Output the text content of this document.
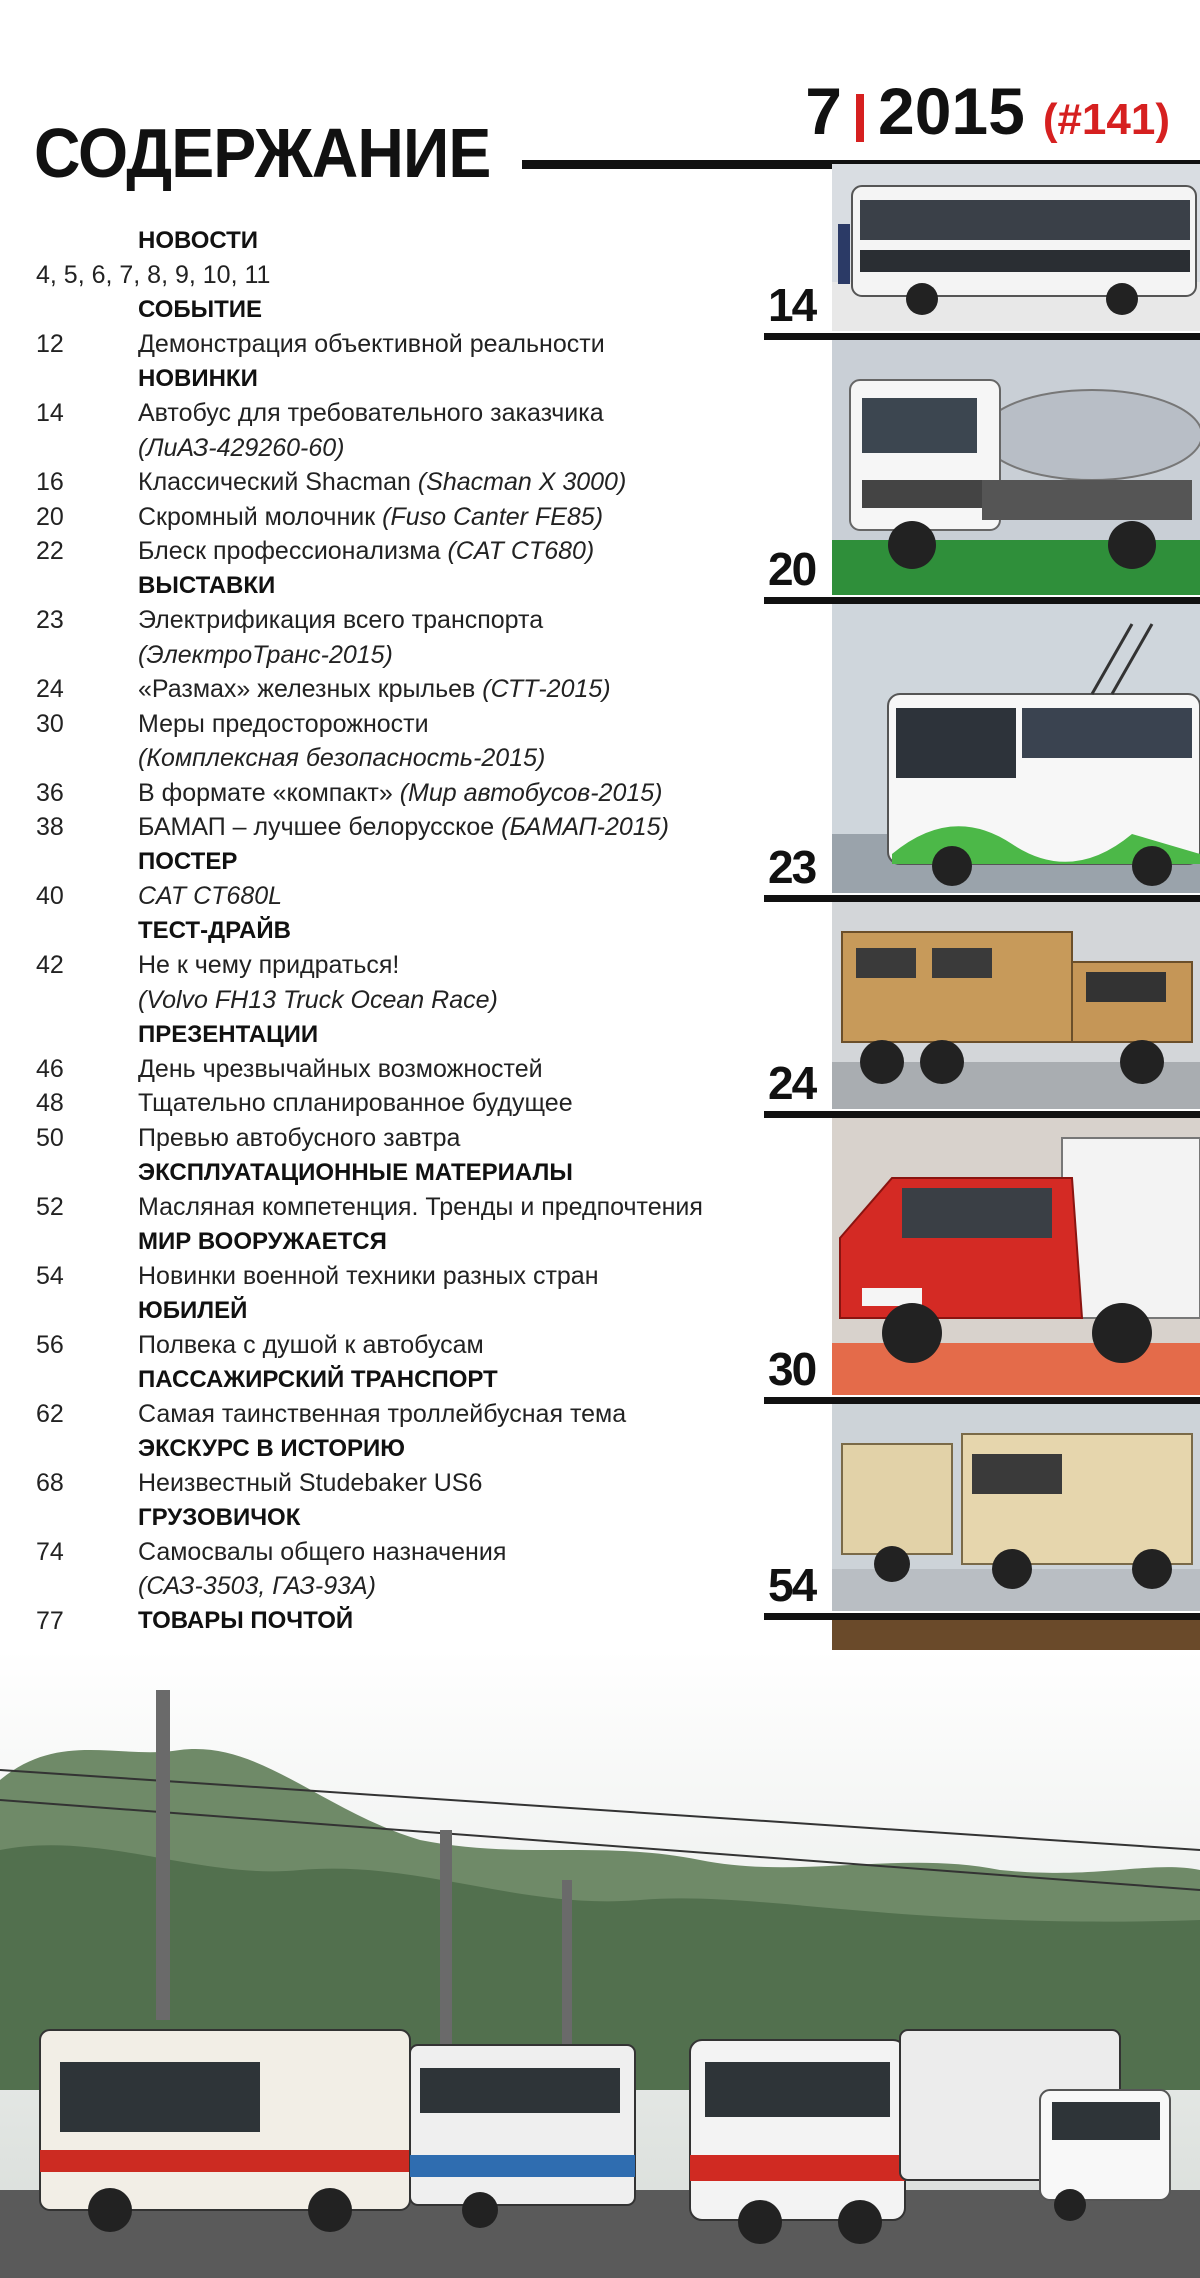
СОДЕРЖАНИЕ
7 2015 (#141)
НОВОСТИ
4, 5, 6, 7, 8, 9, 10, 11
СОБЫТИЕ
12	Демонстрация объективной реальности
НОВИНКИ
14	Автобус для требовательного заказчика
(ЛиАЗ-429260-60)
16	Классический Shacman (Shacman X 3000)
20	Скромный молочник (Fuso Canter FE85)
22	Блеск профессионализма (CAT CT680)
ВЫСТАВКИ
23	Электрификация всего транспорта
(ЭлектроТранс-2015)
24	«Размах» железных крыльев (СТТ-2015)
30	Меры предосторожности
(Комплексная безопасность-2015)
36	В формате «компакт» (Мир автобусов-2015)
38	БАМАП – лучшее белорусское (БАМАП-2015)
ПОСТЕР
40	CAT CT680L
ТЕСТ-ДРАЙВ
42	Не к чему придраться!
(Volvo FH13 Truck Ocean Race)
ПРЕЗЕНТАЦИИ
46	День чрезвычайных возможностей
48	Тщательно спланированное будущее
50	Превью автобусного завтра
ЭКСПЛУАТАЦИОННЫЕ МАТЕРИАЛЫ
52	Масляная компетенция. Тренды и предпочтения
МИР ВООРУЖАЕТСЯ
54	Новинки военной техники разных стран
ЮБИЛЕЙ
56	Полвека с душой к автобусам
ПАССАЖИРСКИЙ ТРАНСПОРТ
62	Самая таинственная троллейбусная тема
ЭКСКУРС В ИСТОРИЮ
68	Неизвестный Studebaker US6
ГРУЗОВИЧОК
74	Самосвалы общего назначения
(САЗ-3503, ГАЗ-93А)
77	ТОВАРЫ ПОЧТОЙ
14
20
23
24
30
54
